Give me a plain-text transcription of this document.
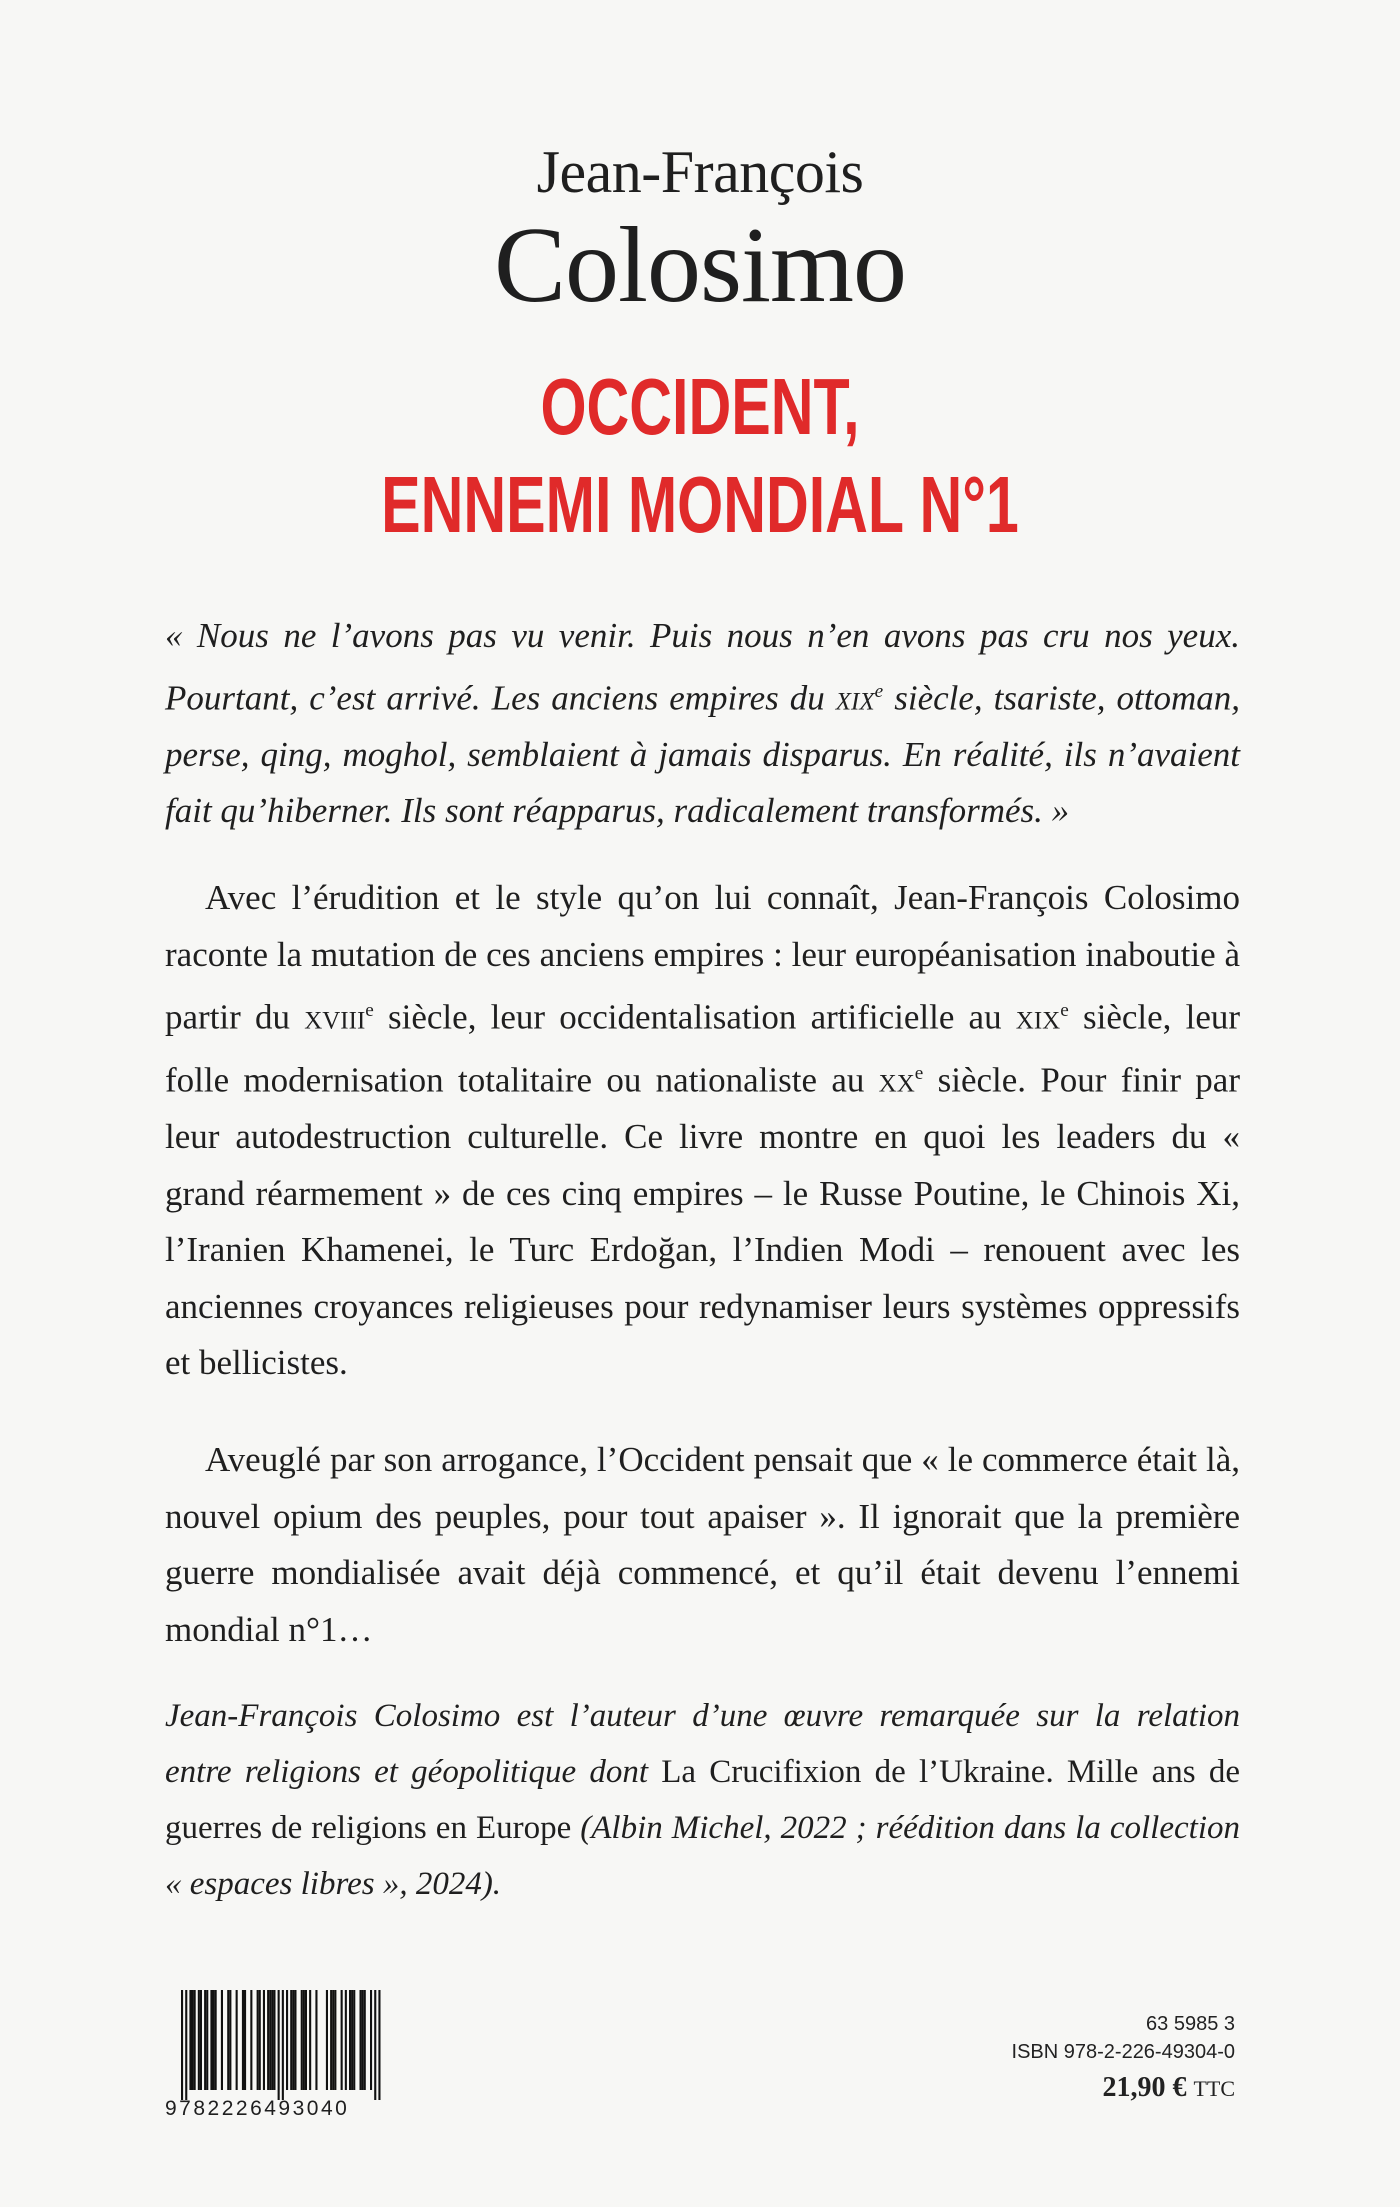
Jean-François
Colosimo
OCCIDENT,
ENNEMI MONDIAL N°1
« Nous ne l’avons pas vu venir. Puis nous n’en avons pas cru nos yeux. Pourtant, c’est arrivé. Les anciens empires du xix$^e$ siècle, tsariste, ottoman, perse, qing, moghol, semblaient à jamais disparus. En réalité, ils n’avaient fait qu’hiberner. Ils sont réapparus, radicalement transformés. »
Avec l’érudition et le style qu’on lui connaît, Jean-François Colosimo raconte la mutation de ces anciens empires : leur européanisation inaboutie à partir du xviii$^e$ siècle, leur occidentalisation artificielle au xix$^e$ siècle, leur folle modernisation totalitaire ou nationaliste au $xx^e$ siècle. Pour finir par leur autodestruction culturelle. Ce livre montre en quoi les leaders du « grand réarmement » de ces cinq empires – le Russe Poutine, le Chinois Xi, l’Iranien Khamenei, le Turc Erdoğan, l’Indien Modi – renouent avec les anciennes croyances religieuses pour redynamiser leurs systèmes oppressifs et bellicistes.
Aveuglé par son arrogance, l’Occident pensait que « le commerce était là, nouvel opium des peuples, pour tout apaiser ». Il ignorait que la première guerre mondialisée avait déjà commencé, et qu’il était devenu l’ennemi mondial n°1…
Jean-François Colosimo est l’auteur d’une œuvre remarquée sur la relation entre religions et géopolitique dont La Crucifixion de l’Ukraine. Mille ans de guerres de religions en Europe (Albin Michel, 2022 ; réédition dans la collection « espaces libres », 2024).
9782226493040
63 5985 3
ISBN 978-2-226-49304-0
21,90 € TTC
